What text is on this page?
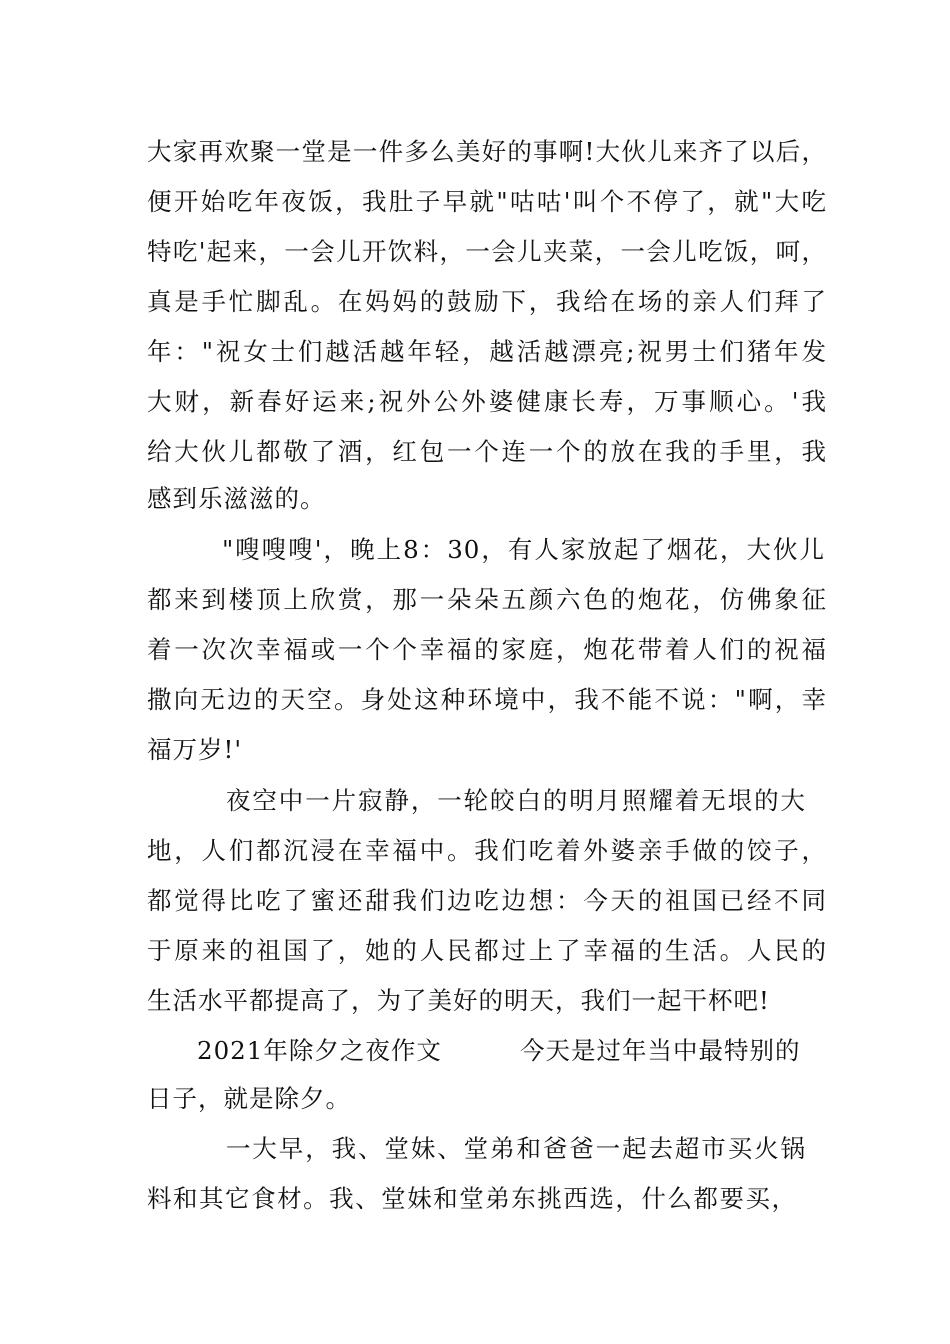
大家再欢聚一堂是一件多么美好的事啊!大伙儿来齐了以后，
便开始吃年夜饭，我肚子早就"咕咕'叫个不停了，就"大吃
特吃'起来，一会儿开饮料，一会儿夹菜，一会儿吃饭，呵，
真是手忙脚乱。在妈妈的鼓励下，我给在场的亲人们拜了
年："祝女士们越活越年轻，越活越漂亮;祝男士们猪年发
大财，新春好运来;祝外公外婆健康长寿，万事顺心。'我
给大伙儿都敬了酒，红包一个连一个的放在我的手里，我
感到乐滋滋的。
"嗖嗖嗖'，晚上8：30，有人家放起了烟花，大伙儿
都来到楼顶上欣赏，那一朵朵五颜六色的炮花，仿佛象征
着一次次幸福或一个个幸福的家庭，炮花带着人们的祝福
撒向无边的天空。身处这种环境中，我不能不说："啊，幸
福万岁!'
夜空中一片寂静，一轮皎白的明月照耀着无垠的大
地，人们都沉浸在幸福中。我们吃着外婆亲手做的饺子，
都觉得比吃了蜜还甜我们边吃边想：今天的祖国已经不同
于原来的祖国了，她的人民都过上了幸福的生活。人民的
生活水平都提高了，为了美好的明天，我们一起干杯吧!
2021年除夕之夜作文	今天是过年当中最特别的
日子，就是除夕。
一大早，我、堂妹、堂弟和爸爸一起去超市买火锅
料和其它食材。我、堂妹和堂弟东挑西选，什么都要买，
